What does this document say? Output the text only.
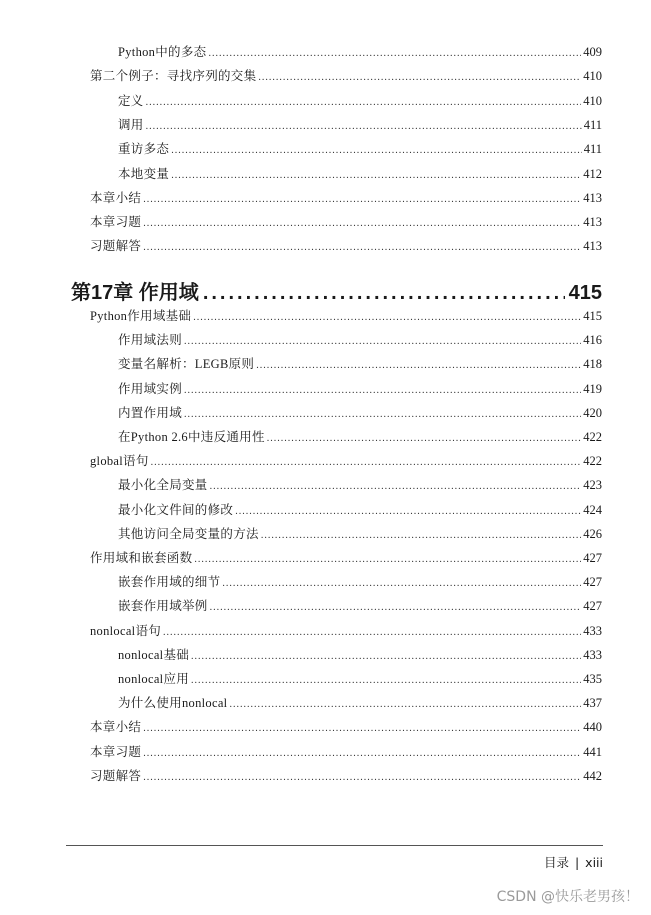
Python中的多态 .....	409
第二个例子：寻找序列的交集 .....	410
定义 .....	410
调用 .....	411
重访多态 .....	411
本地变量 .....	412
本章小结 .....	413
本章习题 .....	413
习题解答 .....	413
第17章 作用域 .....	415
Python作用域基础 .....	415
作用域法则 .....	416
变量名解析：LEGB原则 .....	418
作用域实例 .....	419
内置作用域 .....	420
在Python 2.6中违反通用性 .....	422
global语句 .....	422
最小化全局变量 .....	423
最小化文件间的修改 .....	424
其他访问全局变量的方法 .....	426
作用域和嵌套函数 .....	427
嵌套作用域的细节 .....	427
嵌套作用域举例 .....	427
nonlocal语句 .....	433
nonlocal基础 .....	433
nonlocal应用 .....	435
为什么使用nonlocal .....	437
本章小结 .....	440
本章习题 .....	441
习题解答 .....	442
目录 | xiii
CSDN @快乐老男孩！
